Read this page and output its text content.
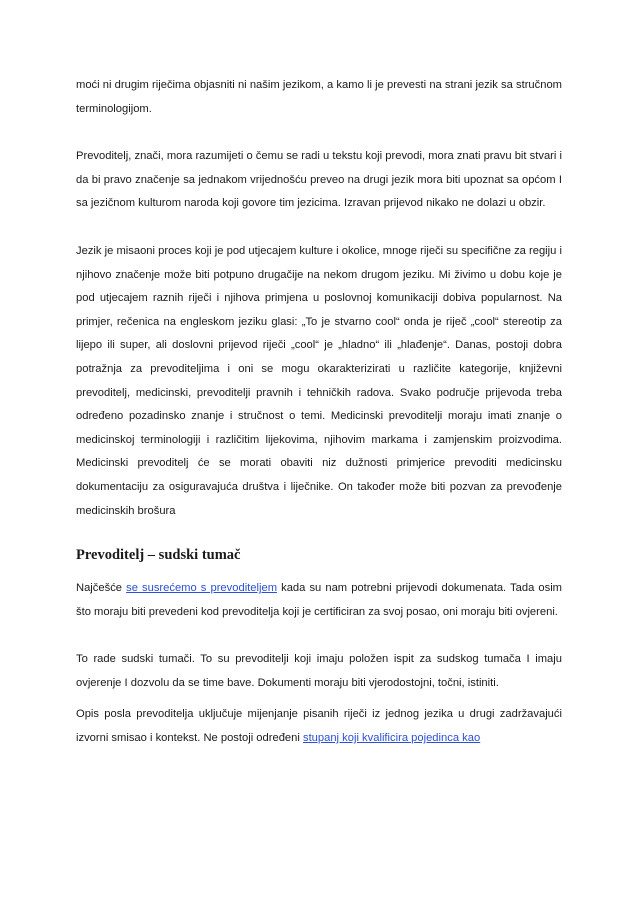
moći ni drugim riječima objasniti ni našim jezikom, a kamo li je prevesti na strani jezik sa stručnom terminologijom.

Prevoditelj, znači, mora razumijeti o čemu se radi u tekstu koji prevodi, mora znati pravu bit stvari i da bi pravo značenje sa jednakom vrijednošću preveo na drugi jezik mora biti upoznat sa općom I sa jezičnom kulturom naroda koji govore tim jezicima. Izravan prijevod nikako ne dolazi u obzir.

Jezik je misaoni proces koji je pod utjecajem kulture i okolice, mnoge riječi su specifične za regiju i njihovo značenje može biti potpuno drugačije na nekom drugom jeziku. Mi živimo u dobu koje je pod utjecajem raznih riječi i njihova primjena u poslovnoj komunikaciji dobiva popularnost. Na primjer, rečenica na engleskom jeziku glasi: „To je stvarno cool“ onda je riječ „cool“ stereotip za lijepo ili super, ali doslovni prijevod riječi „cool“ je „hladno“ ili „hlađenje“. Danas, postoji dobra potražnja za prevoditeljima i oni se mogu okarakterizirati u različite kategorije, književni prevoditelj, medicinski, prevoditelji pravnih i tehničkih radova. Svako područje prijevoda treba određeno pozadinsko znanje i stručnost o temi. Medicinski prevoditelji moraju imati znanje o medicinskoj terminologiji i različitim lijekovima, njihovim markama i zamjenskim proizvodima. Medicinski prevoditelj će se morati obaviti niz dužnosti primjerice prevoditi medicinsku dokumentaciju za osiguravajuća društva i liječnike. On također može biti pozvan za prevođenje medicinskih brošura

Prevoditelj – sudski tumač

Najčešće se susrećemo s prevoditeljem kada su nam potrebni prijevodi dokumenata. Tada osim što moraju biti prevedeni kod prevoditelja koji je certificiran za svoj posao, oni moraju biti ovjereni.

To rade sudski tumači. To su prevoditelji koji imaju položen ispit za sudskog tumača I imaju ovjerenje I dozvolu da se time bave. Dokumenti moraju biti vjerodostojni, točni, istiniti.

Opis posla prevoditelja uključuje mijenjanje pisanih riječi iz jednog jezika u drugi zadržavajući izvorni smisao i kontekst. Ne postoji određeni stupanj koji kvalificira pojedinca kao
